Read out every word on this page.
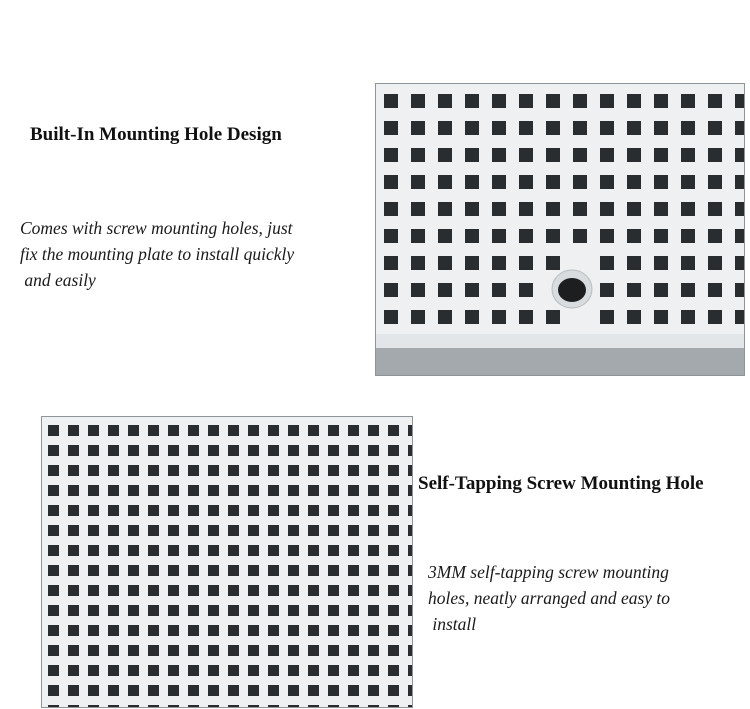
Built-In Mounting Hole Design
Comes with screw mounting holes, just
fix the mounting plate to install quickly
and easily
Self-Tapping Screw Mounting Hole
3MM self-tapping screw mounting
holes, neatly arranged and easy to
install
